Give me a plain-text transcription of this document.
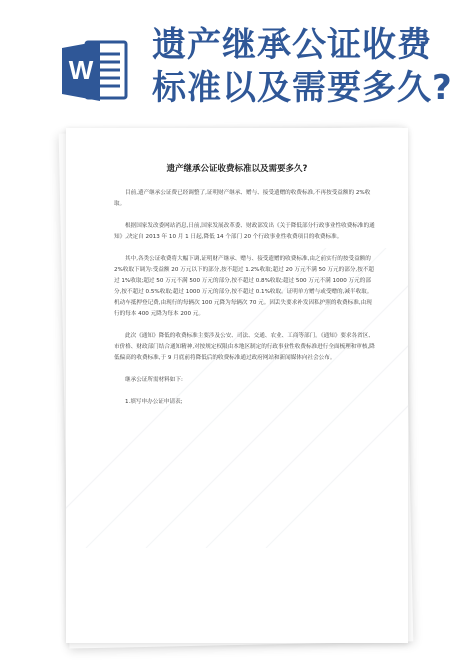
W
遗产继承公证收费
标准以及需要多久?
遗产继承公证收费标准以及需要多久?

目前,遗产继承公证费已经调整了,证明财产继承、赠与、接受遗赠的收费标准,不再按受益额的 2%收取。

根据国家发改委网站消息,日前,国家发展改革委、财政部发出《关于降低部分行政事业性收费标准的通知》,决定自 2013 年 10 月 1 日起,降低 14 个部门 20 个行政事业性收费项目的收费标准。

其中,各类公证收费将大幅下调,证明财产继承、赠与、接受遗赠的收费标准,由之前实行的按受益额的 2%收取下调为:受益额 20 万元以下的部分,按不超过 1.2%收取;超过 20 万元不满 50 万元的部分,按不超过 1%收取;超过 50 万元不满 500 万元的部分,按不超过 0.8%收取;超过 500 万元不满 1000 万元的部分,按不超过 0.5%收取;超过 1000 万元的部分,按不超过 0.1%收取。证明单方赠与或受赠的,减半收取。机动车抵押登记费,由现行的每辆次 100 元降为每辆次 70 元。因丢失要求补发因私护照的收费标准,由现行的每本 400 元降为每本 200 元。

此次《通知》降低的收费标准主要涉及公安、司法、交通、农业、工商等部门。《通知》要求各省区、市价格、财政部门结合通知精神,对按规定权限由本地区制定的行政事业性收费标准进行全面梳理和审核,降低偏高的收费标准,于 9 月底前将降低后的收费标准通过政府网站和新闻媒体向社会公布。

继承公证所需材料如下:

1.填写申办公证申请表;
